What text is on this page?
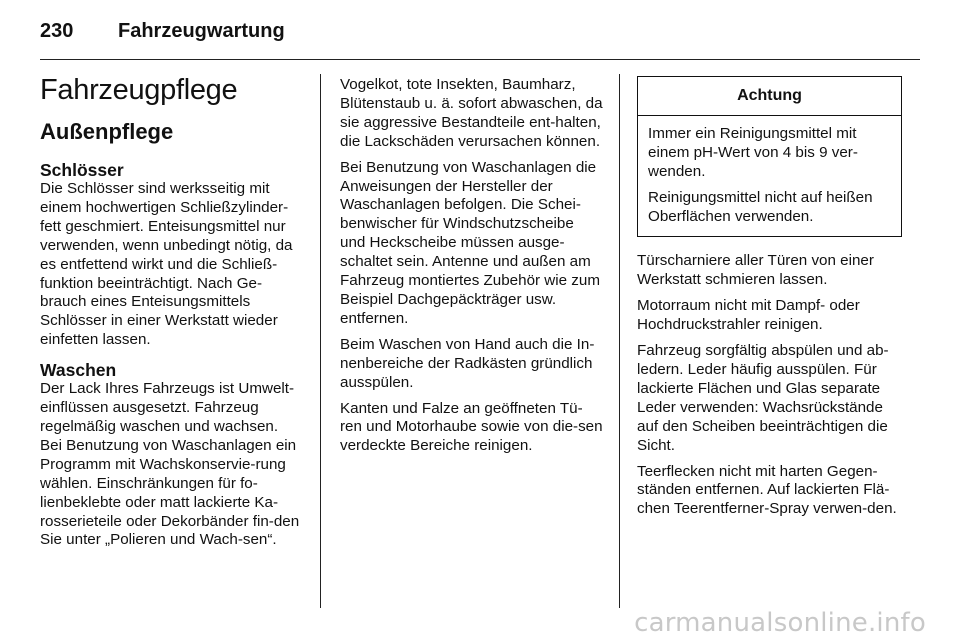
230 Fahrzeugwartung
Fahrzeugpflege
Außenpflege
Schlösser

Die Schlösser sind werksseitig mit einem hochwertigen Schließzylinder-fett geschmiert. Enteisungsmittel nur verwenden, wenn unbedingt nötig, da es entfettend wirkt und die Schließ-funktion beeinträchtigt. Nach Ge-brauch eines Enteisungsmittels Schlösser in einer Werkstatt wieder einfetten lassen.

Waschen

Der Lack Ihres Fahrzeugs ist Umwelt-einflüssen ausgesetzt. Fahrzeug regelmäßig waschen und wachsen. Bei Benutzung von Waschanlagen ein Programm mit Wachskonservie-rung wählen. Einschränkungen für fo-lienbeklebte oder matt lackierte Ka-rosserieteile oder Dekorbänder fin-den Sie unter „Polieren und Wach-sen“.

Vogelkot, tote Insekten, Baumharz, Blütenstaub u. ä. sofort abwaschen, da sie aggressive Bestandteile ent-halten, die Lackschäden verursachen können.

Bei Benutzung von Waschanlagen die Anweisungen der Hersteller der Waschanlagen befolgen. Die Schei-benwischer für Windschutzscheibe und Heckscheibe müssen ausge-schaltet sein. Antenne und außen am Fahrzeug montiertes Zubehör wie zum Beispiel Dachgepäckträger usw. entfernen.

Beim Waschen von Hand auch die In-nenbereiche der Radkästen gründlich ausspülen.

Kanten und Falze an geöffneten Tü-ren und Motorhaube sowie von die-sen verdeckte Bereiche reinigen.

Achtung

Immer ein Reinigungsmittel mit einem pH-Wert von 4 bis 9 ver-wenden.

Reinigungsmittel nicht auf heißen Oberflächen verwenden.

Türscharniere aller Türen von einer Werkstatt schmieren lassen.

Motorraum nicht mit Dampf- oder Hochdruckstrahler reinigen.

Fahrzeug sorgfältig abspülen und ab-ledern. Leder häufig ausspülen. Für lackierte Flächen und Glas separate Leder verwenden: Wachsrückstände auf den Scheiben beeinträchtigen die Sicht.

Teerflecken nicht mit harten Gegen-ständen entfernen. Auf lackierten Flä-chen Teerentferner-Spray verwen-den.

carmanualsonline.info
